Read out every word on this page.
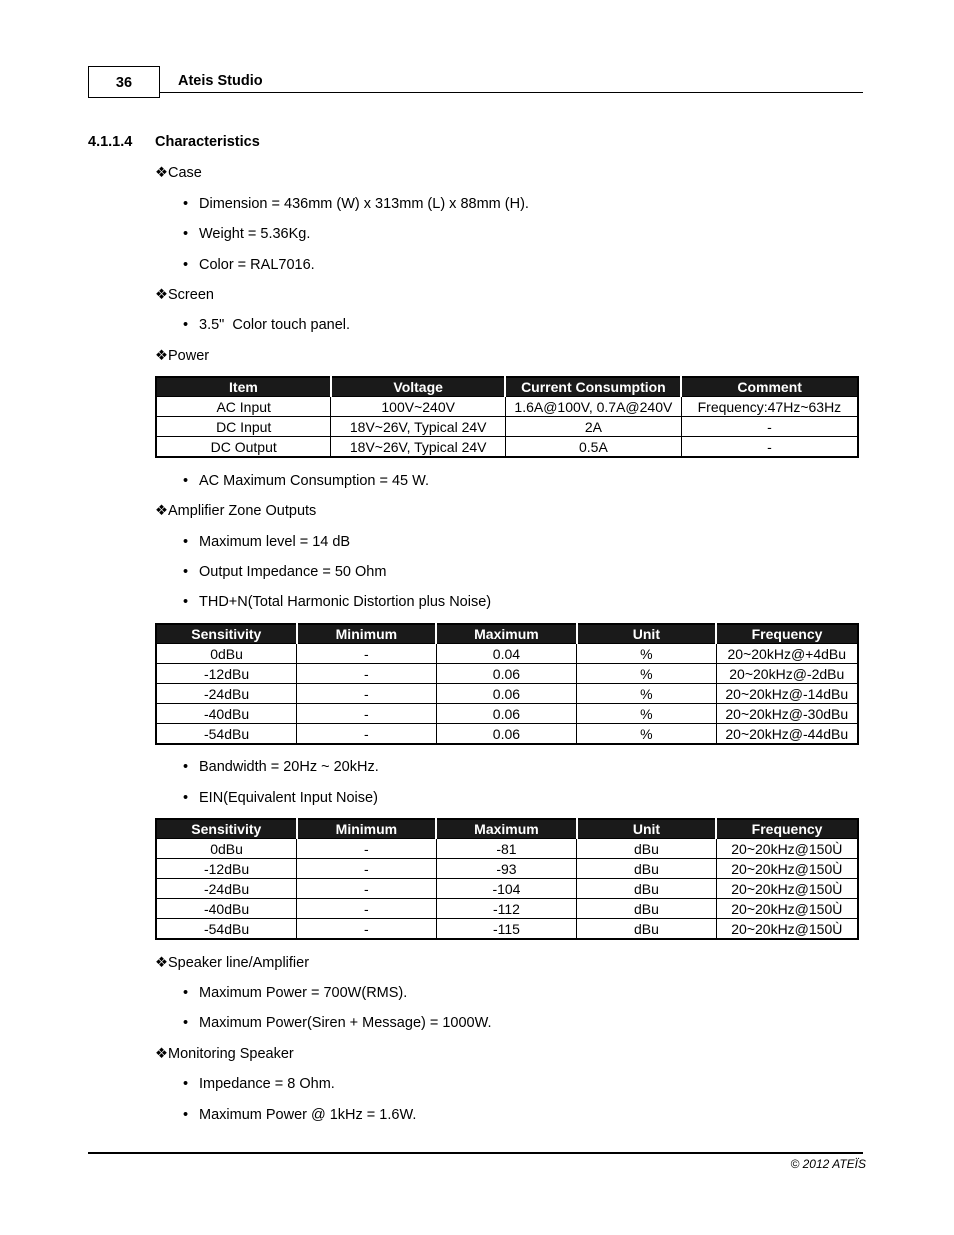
36	Ateis Studio
4.1.1.4 Characteristics
❖Case
• Dimension = 436mm (W) x 313mm (L) x 88mm (H).
• Weight = 5.36Kg.
• Color = RAL7016.
❖Screen
• 3.5"  Color touch panel.
❖Power
Item	Voltage	Current Consumption	Comment
AC Input	100V~240V	1.6A@100V, 0.7A@240V	Frequency:47Hz~63Hz
DC Input	18V~26V, Typical 24V	2A	-
DC Output	18V~26V, Typical 24V	0.5A	-
• AC Maximum Consumption = 45 W.
❖Amplifier Zone Outputs
• Maximum level = 14 dB
• Output Impedance = 50 Ohm
• THD+N(Total Harmonic Distortion plus Noise)
Sensitivity	Minimum	Maximum	Unit	Frequency
0dBu	-	0.04	%	20~20kHz@+4dBu
-12dBu	-	0.06	%	20~20kHz@-2dBu
-24dBu	-	0.06	%	20~20kHz@-14dBu
-40dBu	-	0.06	%	20~20kHz@-30dBu
-54dBu	-	0.06	%	20~20kHz@-44dBu
• Bandwidth = 20Hz ~ 20kHz.
• EIN(Equivalent Input Noise)
Sensitivity	Minimum	Maximum	Unit	Frequency
0dBu	-	-81	dBu	20~20kHz@150Ù
-12dBu	-	-93	dBu	20~20kHz@150Ù
-24dBu	-	-104	dBu	20~20kHz@150Ù
-40dBu	-	-112	dBu	20~20kHz@150Ù
-54dBu	-	-115	dBu	20~20kHz@150Ù
❖Speaker line/Amplifier
• Maximum Power = 700W(RMS).
• Maximum Power(Siren + Message) = 1000W.
❖Monitoring Speaker
• Impedance = 8 Ohm.
• Maximum Power @ 1kHz = 1.6W.
© 2012 ATEÏS
